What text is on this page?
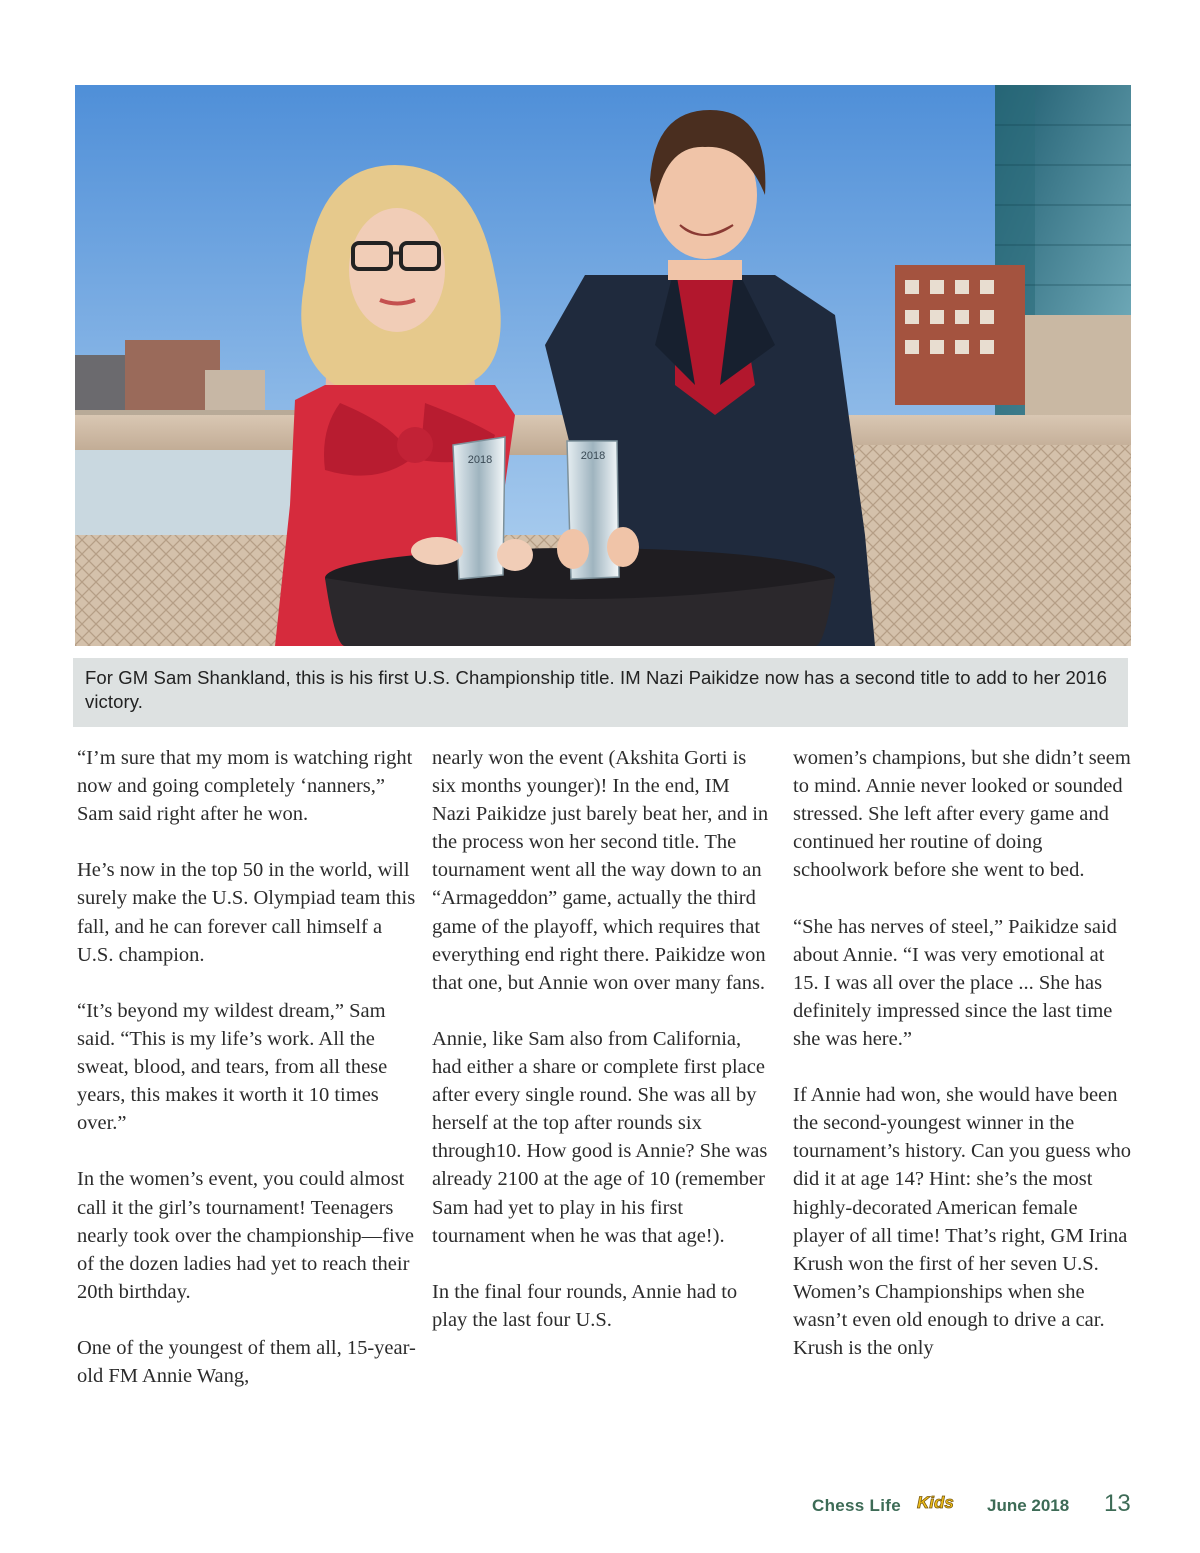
2018	2018
For GM Sam Shankland, this is his first U.S. Championship title. IM Nazi Paikidze now has a second title to add to her 2016 victory.

“I’m sure that my mom is watching right now and going completely ‘nanners,” Sam said right after he won.

He’s now in the top 50 in the world, will surely make the U.S. Olympiad team this fall, and he can forever call himself a U.S. champion.

“It’s beyond my wildest dream,” Sam said. “This is my life’s work. All the sweat, blood, and tears, from all these years, this makes it worth it 10 times over.”

In the women’s event, you could almost call it the girl’s tournament! Teenagers nearly took over the championship—five of the dozen ladies had yet to reach their 20th birthday.

One of the youngest of them all, 15-year-old FM Annie Wang,

nearly won the event (Akshita Gorti is six months younger)! In the end, IM Nazi Paikidze just barely beat her, and in the process won her second title. The tournament went all the way down to an “Armageddon” game, actually the third game of the playoff, which requires that everything end right there. Paikidze won that one, but Annie won over many fans.

Annie, like Sam also from California, had either a share or complete first place after every single round. She was all by herself at the top after rounds six through10. How good is Annie? She was already 2100 at the age of 10 (remember Sam had yet to play in his first tournament when he was that age!).

In the final four rounds, Annie had to play the last four U.S.

women’s champions, but she didn’t seem to mind. Annie never looked or sounded stressed. She left after every game and continued her routine of doing schoolwork before she went to bed.

“She has nerves of steel,” Paikidze said about Annie. “I was very emotional at 15. I was all over the place ... She has definitely impressed since the last time she was here.”

If Annie had won, she would have been the second-youngest winner in the tournament’s history. Can you guess who did it at age 14? Hint: she’s the most highly-decorated American female player of all time! That’s right, GM Irina Krush won the first of her seven U.S. Women’s Championships when she wasn’t even old enough to drive a car. Krush is the only

Chess Life Kids June 2018 13
